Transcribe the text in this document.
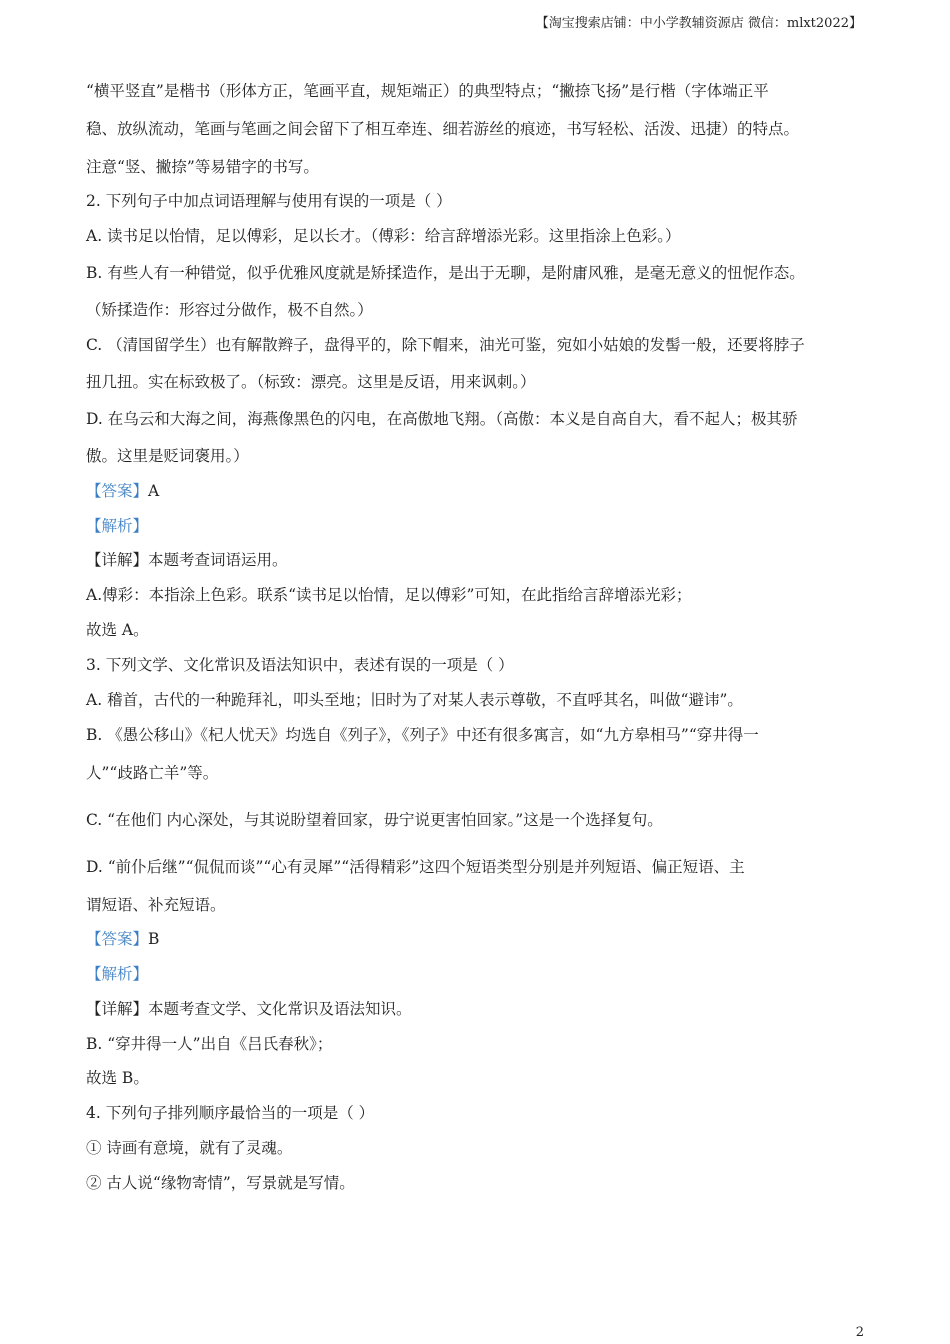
【淘宝搜索店铺：中小学教辅资源店 微信：mlxt2022】
“横平竖直”是楷书（形体方正，笔画平直，规矩端正）的典型特点；“撇捺飞扬”是行楷（字体端正平
稳、放纵流动，笔画与笔画之间会留下了相互牵连、细若游丝的痕迹，书写轻松、活泼、迅捷）的特点。
注意“竖、撇捺”等易错字的书写。
2. 下列句子中加点词语理解与使用有误的一项是（ ）
A. 读书足以怡情，足以傅彩，足以长才。（傅彩：给言辞增添光彩。这里指涂上色彩。）
B. 有些人有一种错觉，似乎优雅风度就是矫揉造作，是出于无聊，是附庸风雅，是毫无意义的忸怩作态。
（矫揉造作：形容过分做作，极不自然。）
C. （清国留学生）也有解散辫子，盘得平的，除下帽来，油光可鉴，宛如小姑娘的发髻一般，还要将脖子
扭几扭。实在标致极了。（标致：漂亮。这里是反语，用来讽刺。）
D. 在乌云和大海之间，海燕像黑色的闪电，在高傲地飞翔。（高傲：本义是自高自大，看不起人；极其骄
傲。这里是贬词褒用。）
【答案】A
【解析】
【详解】本题考查词语运用。
A.傅彩：本指涂上色彩。联系“读书足以怡情，足以傅彩”可知，在此指给言辞增添光彩；
故选 A。
3. 下列文学、文化常识及语法知识中，表述有误的一项是（ ）
A. 稽首，古代的一种跪拜礼，叩头至地；旧时为了对某人表示尊敬，不直呼其名，叫做“避讳”。
B. 《愚公移山》《杞人忧天》均选自《列子》，《列子》中还有很多寓言，如“九方皋相马”“穿井得一
人”“歧路亡羊”等。
C. “在他们 内心深处，与其说盼望着回家，毋宁说更害怕回家。”这是一个选择复句。
D. “前仆后继”“侃侃而谈”“心有灵犀”“活得精彩”这四个短语类型分别是并列短语、偏正短语、主
谓短语、补充短语。
【答案】B
【解析】
【详解】本题考查文学、文化常识及语法知识。
B. “穿井得一人”出自《吕氏春秋》；
故选 B。
4. 下列句子排列顺序最恰当的一项是（ ）
① 诗画有意境，就有了灵魂。
② 古人说“缘物寄情”，写景就是写情。
2
